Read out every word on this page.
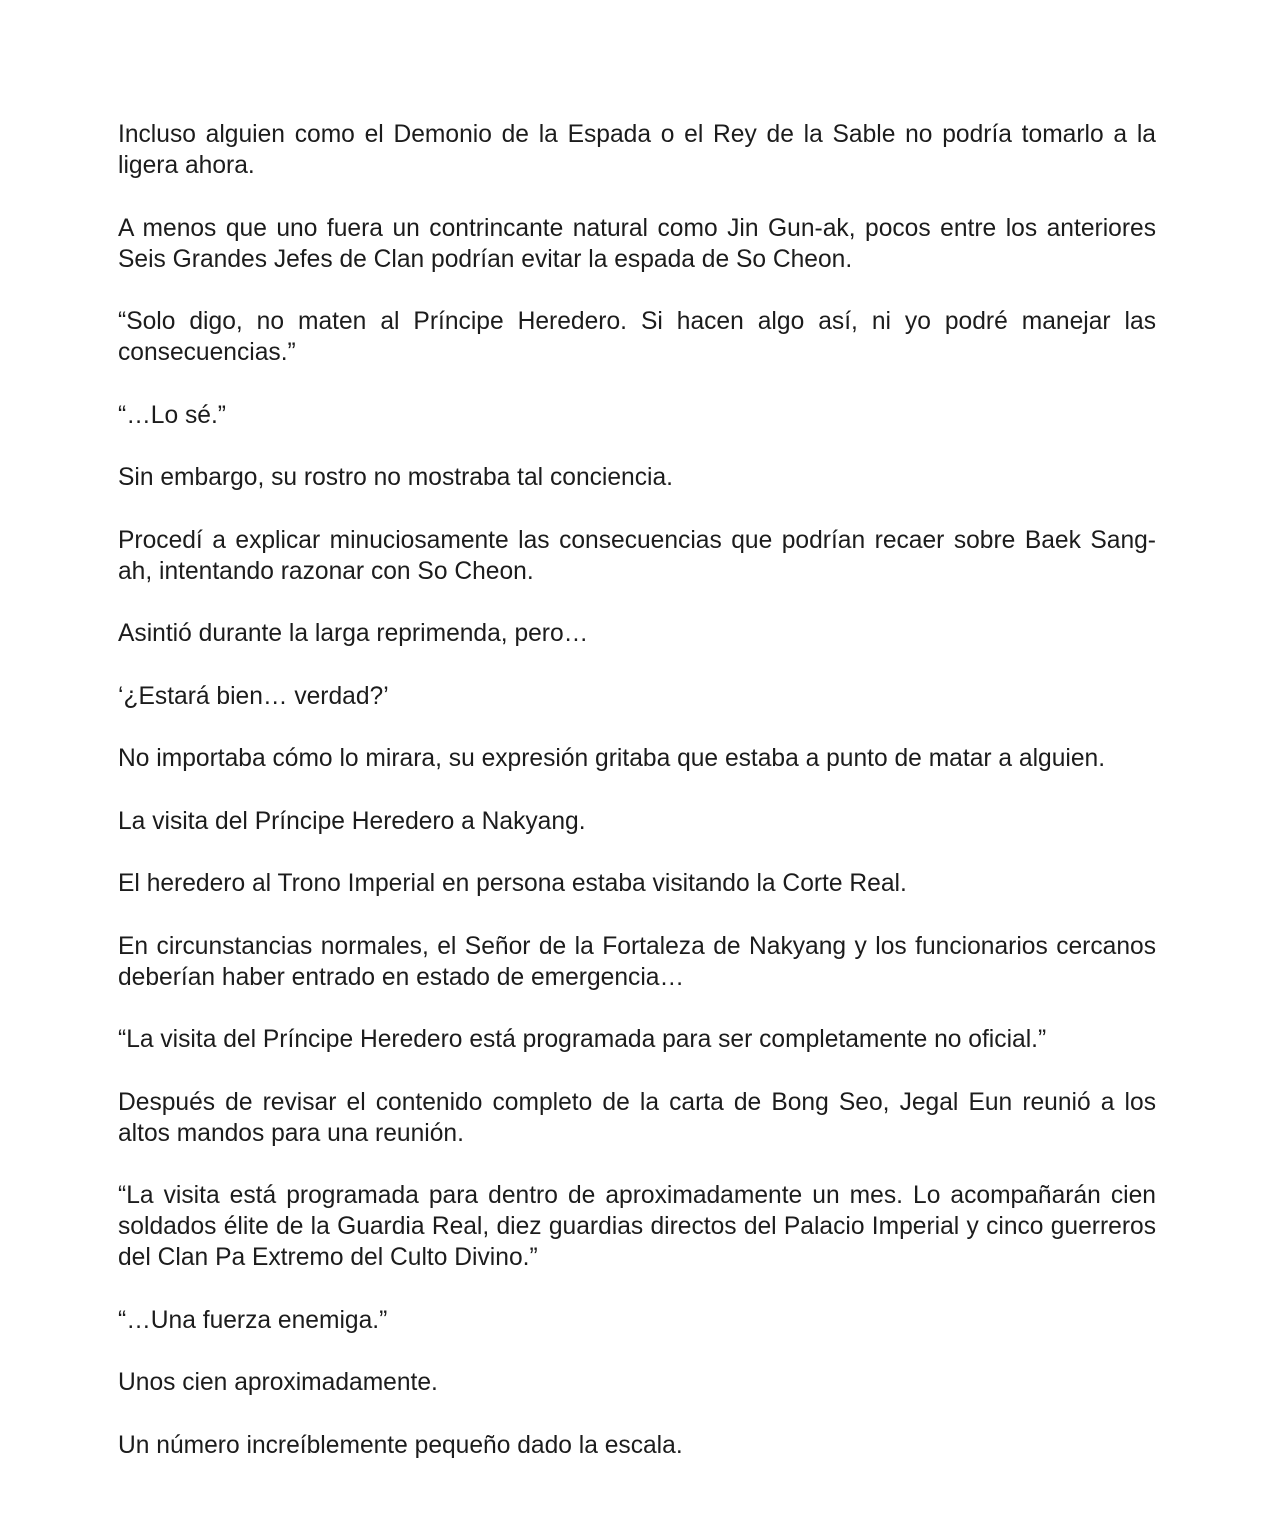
Incluso alguien como el Demonio de la Espada o el Rey de la Sable no podría tomarlo a la ligera ahora.

A menos que uno fuera un contrincante natural como Jin Gun-ak, pocos entre los anteriores Seis Grandes Jefes de Clan podrían evitar la espada de So Cheon.

“Solo digo, no maten al Príncipe Heredero. Si hacen algo así, ni yo podré manejar las consecuencias.”

“…Lo sé.”

Sin embargo, su rostro no mostraba tal conciencia.

Procedí a explicar minuciosamente las consecuencias que podrían recaer sobre Baek Sang-ah, intentando razonar con So Cheon.

Asintió durante la larga reprimenda, pero…

‘¿Estará bien… verdad?’

No importaba cómo lo mirara, su expresión gritaba que estaba a punto de matar a alguien.

La visita del Príncipe Heredero a Nakyang.

El heredero al Trono Imperial en persona estaba visitando la Corte Real.

En circunstancias normales, el Señor de la Fortaleza de Nakyang y los funcionarios cercanos deberían haber entrado en estado de emergencia…

“La visita del Príncipe Heredero está programada para ser completamente no oficial.”

Después de revisar el contenido completo de la carta de Bong Seo, Jegal Eun reunió a los altos mandos para una reunión.

“La visita está programada para dentro de aproximadamente un mes. Lo acompañarán cien soldados élite de la Guardia Real, diez guardias directos del Palacio Imperial y cinco guerreros del Clan Pa Extremo del Culto Divino.”

“…Una fuerza enemiga.”

Unos cien aproximadamente.

Un número increíblemente pequeño dado la escala.
